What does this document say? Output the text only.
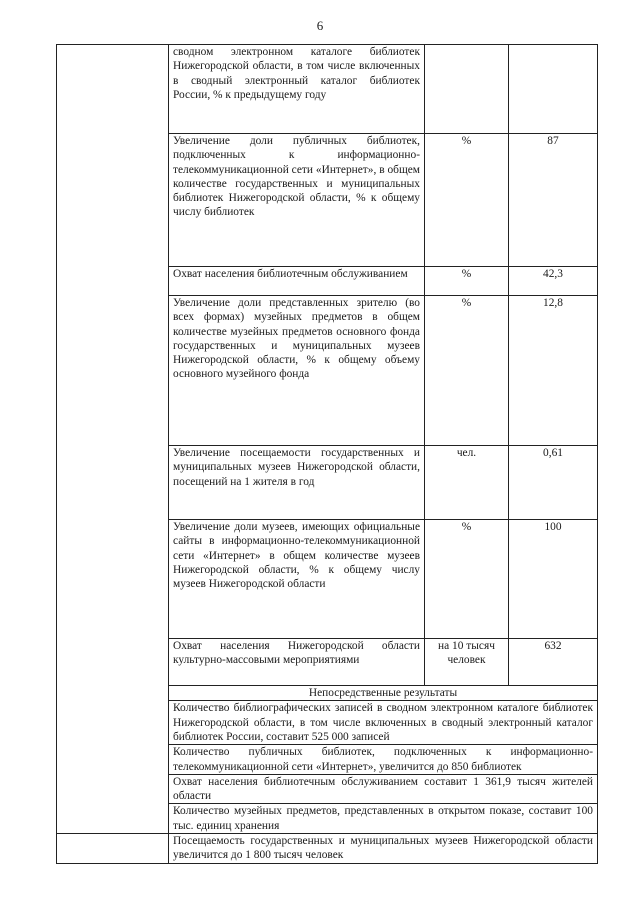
6
	сводном электронном каталоге библиотек Нижегородской области, в том числе включенных в сводный электронный каталог библиотек России, % к предыдущему году		
	Увеличение доли публичных библиотек, подключенных к информационно-телекоммуникационной сети «Интернет», в общем количестве государственных и муниципальных библиотек Нижегородской области, % к общему числу библиотек	%	87
	Охват населения библиотечным обслуживанием	%	42,3
	Увеличение доли представленных зрителю (во всех формах) музейных предметов в общем количестве музейных предметов основного фонда государственных и муниципальных музеев Нижегородской области, % к общему объему основного музейного фонда	%	12,8
	Увеличение посещаемости государственных и муниципальных музеев Нижегородской области, посещений на 1 жителя в год	чел.	0,61
	Увеличение доли музеев, имеющих официальные сайты в информационно-телекоммуникационной сети «Интернет» в общем количестве музеев Нижегородской области, % к общему числу музеев Нижегородской области	%	100
	Охват населения Нижегородской области культурно-массовыми мероприятиями	на 10 тысяч человек	632
	Непосредственные результаты		
	Количество библиографических записей в сводном электронном каталоге библиотек Нижегородской области, в том числе включенных в сводный электронный каталог библиотек России, составит 525 000 записей		
	Количество публичных библиотек, подключенных к информационно-телекоммуникационной сети «Интернет», увеличится до 850 библиотек		
	Охват населения библиотечным обслуживанием составит 1 361,9 тысяч жителей области		
	Количество музейных предметов, представленных в открытом показе, составит 100 тыс. единиц хранения		
	Посещаемость государственных и муниципальных музеев Нижегородской области увеличится до 1 800 тысяч человек		
